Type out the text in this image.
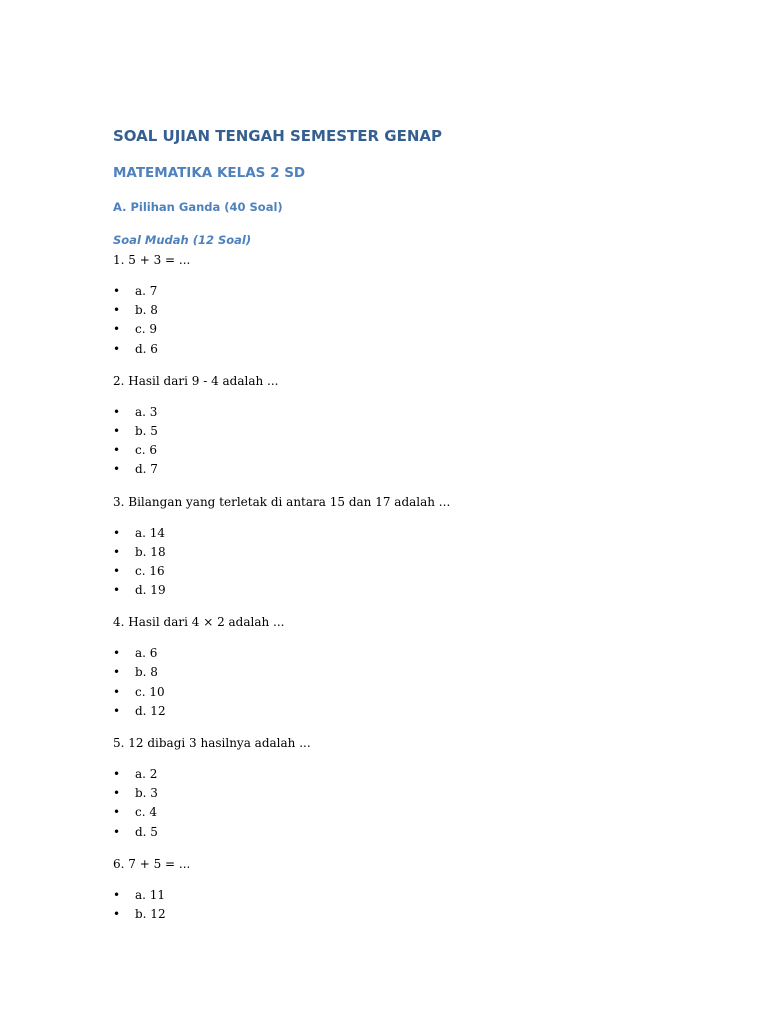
SOAL UJIAN TENGAH SEMESTER GENAP
MATEMATIKA KELAS 2 SD
A. Pilihan Ganda (40 Soal)
Soal Mudah (12 Soal)

1. 5 + 3 = ...

• a. 7
• b. 8
• c. 9
• d. 6

2. Hasil dari 9 - 4 adalah ...

• a. 3
• b. 5
• c. 6
• d. 7

3. Bilangan yang terletak di antara 15 dan 17 adalah ...

• a. 14
• b. 18
• c. 16
• d. 19

4. Hasil dari 4 × 2 adalah ...

• a. 6
• b. 8
• c. 10
• d. 12

5. 12 dibagi 3 hasilnya adalah ...

• a. 2
• b. 3
• c. 4
• d. 5

6. 7 + 5 = ...

• a. 11
• b. 12
